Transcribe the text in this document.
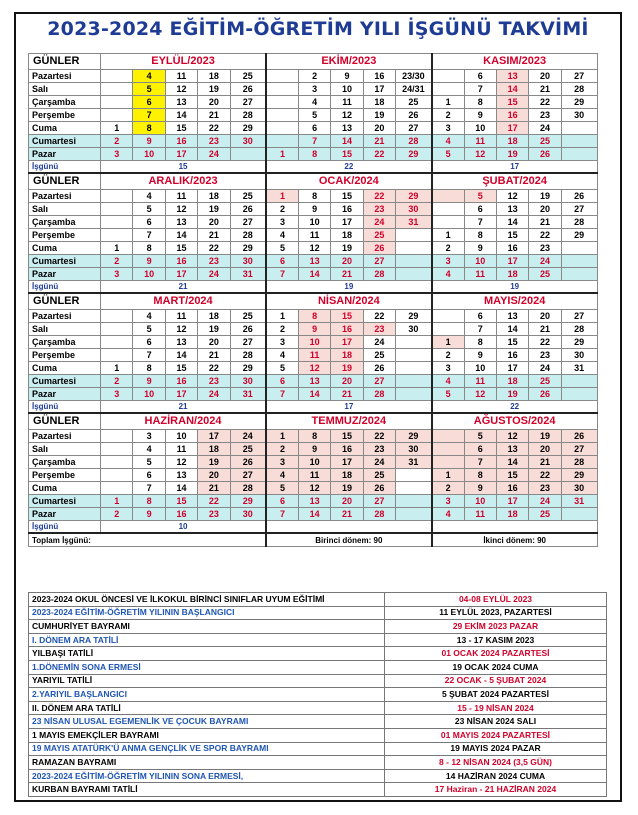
2023-2024 EĞİTİM-ÖĞRETİM YILI İŞGÜNÜ TAKVİMİ
GÜNLER	EYLÜL/2023					EKİM/2023					KASIM/2023				
Pazartesi		4	11	18	25		2	9	16	23/30		6	13	20	27
Salı		5	12	19	26		3	10	17	24/31		7	14	21	28
Çarşamba		6	13	20	27		4	11	18	25	1	8	15	22	29
Perşembe		7	14	21	28		5	12	19	26	2	9	16	23	30
Cuma	1	8	15	22	29		6	13	20	27	3	10	17	24	
Cumartesi	2	9	16	23	30		7	14	21	28	4	11	18	25	
Pazar	3	10	17	24		1	8	15	22	29	5	12	19	26	
İşgünü	15					22					17				
GÜNLER	ARALIK/2023					OCAK/2024					ŞUBAT/2024				
Pazartesi		4	11	18	25	1	8	15	22	29		5	12	19	26
Salı		5	12	19	26	2	9	16	23	30		6	13	20	27
Çarşamba		6	13	20	27	3	10	17	24	31		7	14	21	28
Perşembe		7	14	21	28	4	11	18	25		1	8	15	22	29
Cuma	1	8	15	22	29	5	12	19	26		2	9	16	23	
Cumartesi	2	9	16	23	30	6	13	20	27		3	10	17	24	
Pazar	3	10	17	24	31	7	14	21	28		4	11	18	25	
İşgünü	21					19					19				
GÜNLER	MART/2024					NİSAN/2024					MAYIS/2024				
Pazartesi		4	11	18	25	1	8	15	22	29		6	13	20	27
Salı		5	12	19	26	2	9	16	23	30		7	14	21	28
Çarşamba		6	13	20	27	3	10	17	24		1	8	15	22	29
Perşembe		7	14	21	28	4	11	18	25		2	9	16	23	30
Cuma	1	8	15	22	29	5	12	19	26		3	10	17	24	31
Cumartesi	2	9	16	23	30	6	13	20	27		4	11	18	25	
Pazar	3	10	17	24	31	7	14	21	28		5	12	19	26	
İşgünü	21					17					22				
GÜNLER	HAZİRAN/2024					TEMMUZ/2024					AĞUSTOS/2024				
Pazartesi		3	10	17	24	1	8	15	22	29		5	12	19	26
Salı		4	11	18	25	2	9	16	23	30		6	13	20	27
Çarşamba		5	12	19	26	3	10	17	24	31		7	14	21	28
Perşembe		6	13	20	27	4	11	18	25		1	8	15	22	29
Cuma		7	14	21	28	5	12	19	26		2	9	16	23	30
Cumartesi	1	8	15	22	29	6	13	20	27		3	10	17	24	31
Pazar	2	9	16	23	30	7	14	21	28		4	11	18	25	
İşgünü	10														
Toplam İşgünü:						Birinci dönem: 90					İkinci dönem: 90				
2023-2024 OKUL ÖNCESİ VE İLKOKUL BİRİNCİ SINIFLAR UYUM EĞİTİMİ	04-08 EYLÜL 2023
2023-2024 EĞİTİM-ÖĞRETİM YILININ BAŞLANGICI	11 EYLÜL 2023, PAZARTESİ
CUMHURİYET BAYRAMI	29 EKİM 2023 PAZAR
I. DÖNEM ARA TATİLİ	13 - 17 KASIM 2023
YILBAŞI TATİLİ	01 OCAK 2024 PAZARTESİ
1.DÖNEMİN SONA ERMESİ	19 OCAK 2024 CUMA
YARIYIL TATİLİ	22 OCAK - 5 ŞUBAT 2024
2.YARIYIL BAŞLANGICI	5 ŞUBAT 2024 PAZARTESİ
II. DÖNEM ARA TATİLİ	15 - 19 NİSAN 2024
23 NİSAN ULUSAL EGEMENLİK VE ÇOCUK BAYRAMI	23 NİSAN 2024 SALI
1 MAYIS EMEKÇİLER BAYRAMI	01 MAYIS 2024 PAZARTESİ
19 MAYIS ATATÜRK'Ü ANMA GENÇLİK VE SPOR BAYRAMI	19 MAYIS 2024 PAZAR
RAMAZAN BAYRAMI	8 - 12 NİSAN 2024 (3,5 GÜN)
2023-2024 EĞİTİM-ÖĞRETİM YILININ SONA ERMESİ,	14 HAZİRAN 2024 CUMA
KURBAN BAYRAMI TATİLİ	17 Haziran - 21 HAZİRAN 2024
